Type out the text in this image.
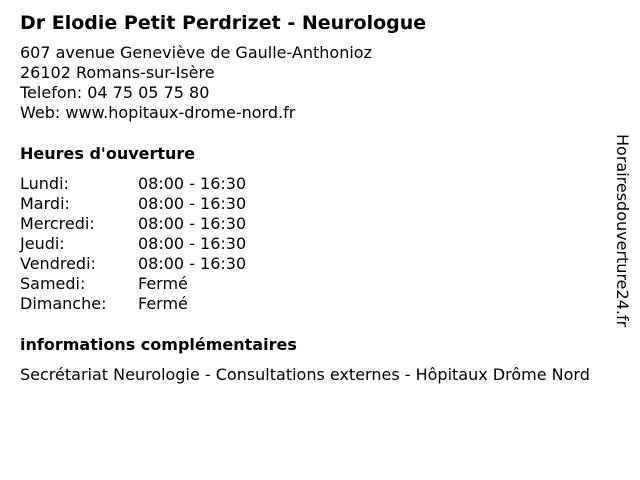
Dr Elodie Petit Perdrizet - Neurologue
607 avenue Geneviève de Gaulle-Anthonioz
26102 Romans-sur-Isère
Telefon: 04 75 05 75 80
Web: www.hopitaux-drome-nord.fr
Heures d'ouverture
Lundi:	08:00 - 16:30
Mardi:	08:00 - 16:30
Mercredi:	08:00 - 16:30
Jeudi:	08:00 - 16:30
Vendredi:	08:00 - 16:30
Samedi:	Fermé
Dimanche: Fermé
informations complémentaires
Secrétariat Neurologie - Consultations externes - Hôpitaux Drôme Nord
Horairesdouverture24.fr
